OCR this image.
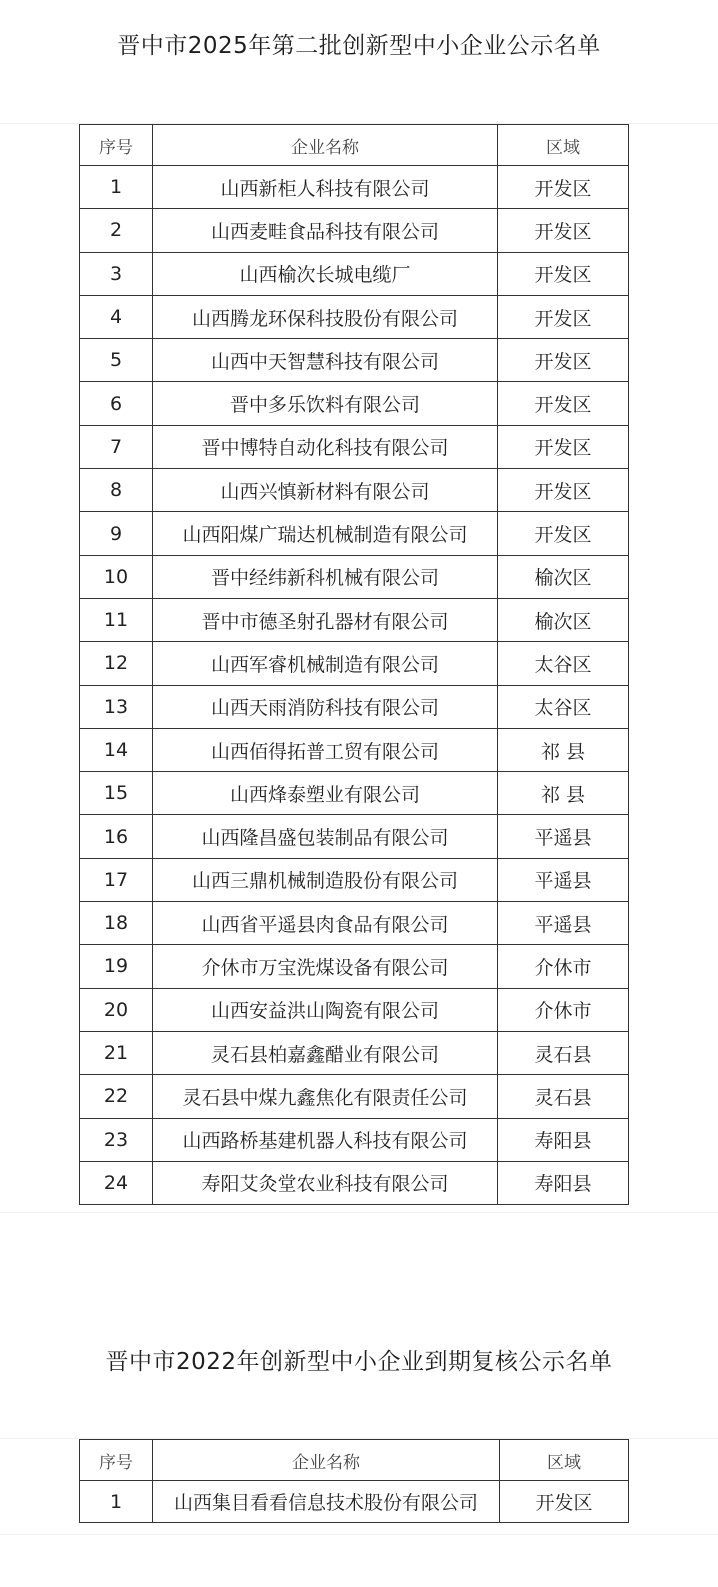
晋中市2025年第二批创新型中小企业公示名单
序号	企业名称	区域
1	山西新柜人科技有限公司	开发区
2	山西麦畦食品科技有限公司	开发区
3	山西榆次长城电缆厂	开发区
4	山西腾龙环保科技股份有限公司	开发区
5	山西中天智慧科技有限公司	开发区
6	晋中多乐饮料有限公司	开发区
7	晋中博特自动化科技有限公司	开发区
8	山西兴慎新材料有限公司	开发区
9	山西阳煤广瑞达机械制造有限公司	开发区
10	晋中经纬新科机械有限公司	榆次区
11	晋中市德圣射孔器材有限公司	榆次区
12	山西军睿机械制造有限公司	太谷区
13	山西天雨消防科技有限公司	太谷区
14	山西佰得拓普工贸有限公司	祁 县
15	山西烽泰塑业有限公司	祁 县
16	山西隆昌盛包装制品有限公司	平遥县
17	山西三鼎机械制造股份有限公司	平遥县
18	山西省平遥县肉食品有限公司	平遥县
19	介休市万宝洗煤设备有限公司	介休市
20	山西安益洪山陶瓷有限公司	介休市
21	灵石县柏嘉鑫醋业有限公司	灵石县
22	灵石县中煤九鑫焦化有限责任公司	灵石县
23	山西路桥基建机器人科技有限公司	寿阳县
24	寿阳艾灸堂农业科技有限公司	寿阳县
晋中市2022年创新型中小企业到期复核公示名单
序号	企业名称	区域
1	山西集目看看信息技术股份有限公司	开发区
